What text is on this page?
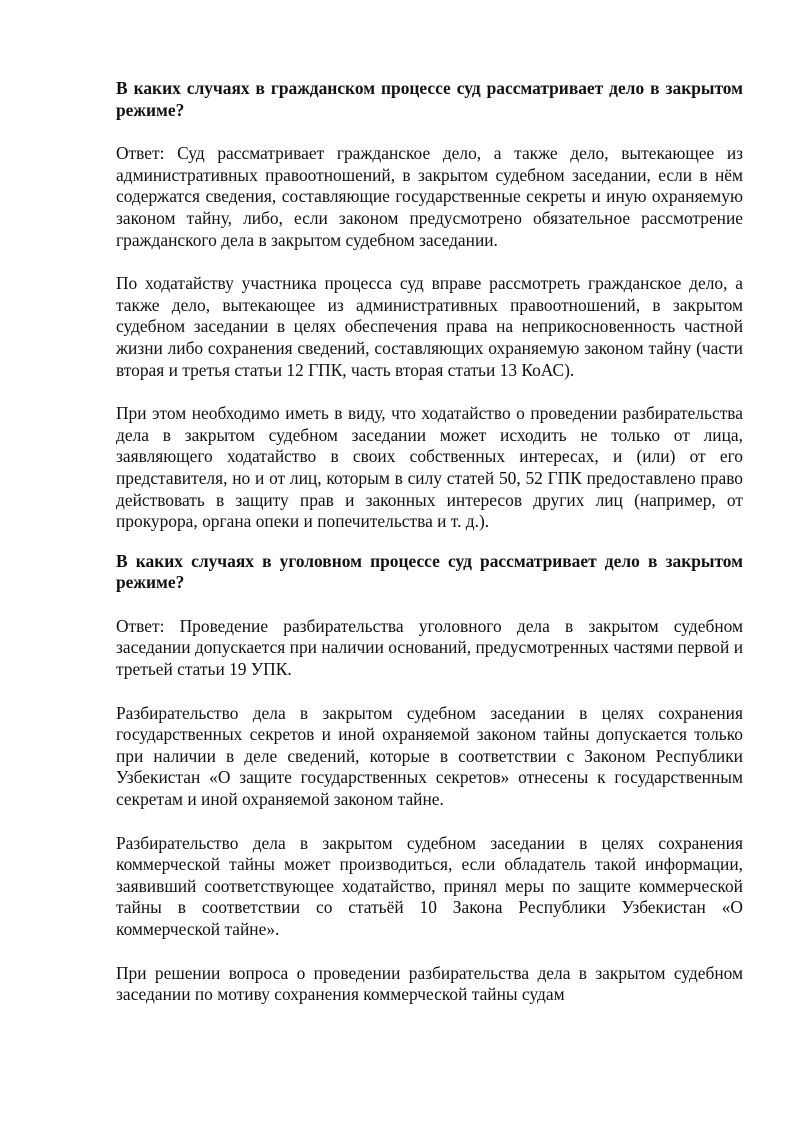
В каких случаях в гражданском процессе суд рассматривает дело в закрытом режиме?

Ответ: Суд рассматривает гражданское дело, а также дело, вытекающее из административных правоотношений, в закрытом судебном заседании, если в нём содержатся сведения, составляющие государственные секреты и иную охраняемую законом тайну, либо, если законом предусмотрено обязательное рассмотрение гражданского дела в закрытом судебном заседании.

По ходатайству участника процесса суд вправе рассмотреть гражданское дело, а также дело, вытекающее из административных правоотношений, в закрытом судебном заседании в целях обеспечения права на неприкосновенность частной жизни либо сохранения сведений, составляющих охраняемую законом тайну (части вторая и третья статьи 12 ГПК, часть вторая статьи 13 КоАС).

При этом необходимо иметь в виду, что ходатайство о проведении разбирательства дела в закрытом судебном заседании может исходить не только от лица, заявляющего ходатайство в своих собственных интересах, и (или) от его представителя, но и от лиц, которым в силу статей 50, 52 ГПК предоставлено право действовать в защиту прав и законных интересов других лиц (например, от прокурора, органа опеки и попечительства и т. д.).

В каких случаях в уголовном процессе суд рассматривает дело в закрытом режиме?

Ответ: Проведение разбирательства уголовного дела в закрытом судебном заседании допускается при наличии оснований, предусмотренных частями первой и третьей статьи 19 УПК.

Разбирательство дела в закрытом судебном заседании в целях сохранения государственных секретов и иной охраняемой законом тайны допускается только при наличии в деле сведений, которые в соответствии с Законом Республики Узбекистан «О защите государственных секретов» отнесены к государственным секретам и иной охраняемой законом тайне.

Разбирательство дела в закрытом судебном заседании в целях сохранения коммерческой тайны может производиться, если обладатель такой информации, заявивший соответствующее ходатайство, принял меры по защите коммерческой тайны в соответствии со статьёй 10 Закона Республики Узбекистан «О коммерческой тайне».

При решении вопроса о проведении разбирательства дела в закрытом судебном заседании по мотиву сохранения коммерческой тайны судам
